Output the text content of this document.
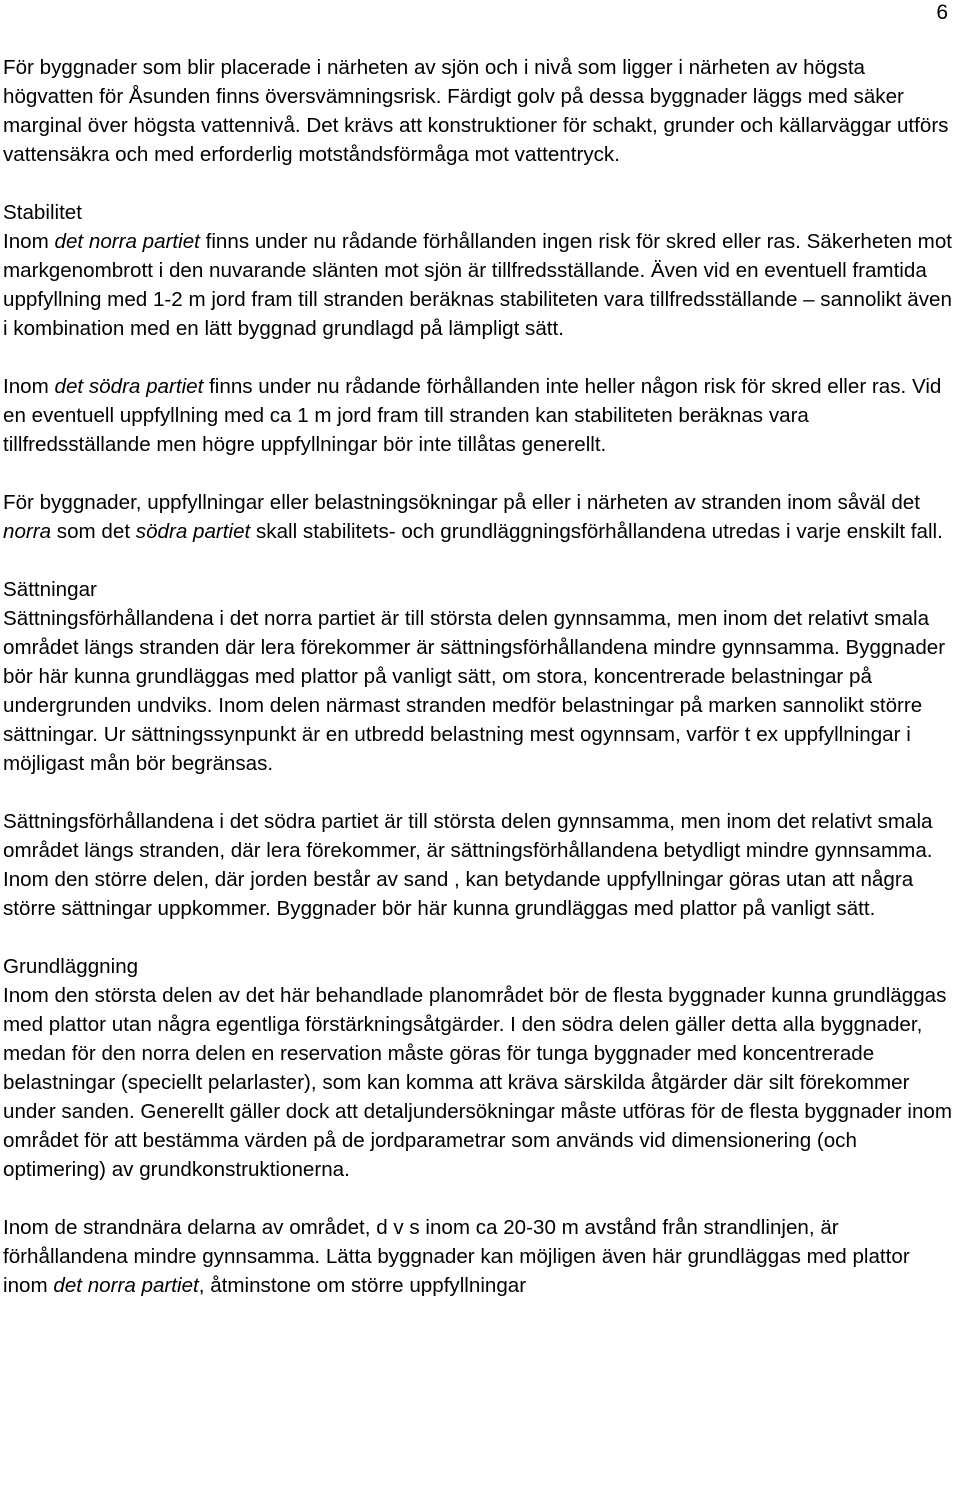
6

För byggnader som blir placerade i närheten av sjön och i nivå som ligger i närheten av högsta högvatten för Åsunden finns översvämningsrisk. Färdigt golv på dessa byggnader läggs med säker marginal över högsta vattennivå. Det krävs att konstruktioner för schakt, grunder och källarväggar utförs vattensäkra och med erforderlig motståndsförmåga mot vattentryck.

Stabilitet
Inom det norra partiet finns under nu rådande förhållanden ingen risk för skred eller ras. Säkerheten mot markgenombrott i den nuvarande slänten mot sjön är tillfredsställande. Även vid en eventuell framtida uppfyllning med 1-2 m jord fram till stranden beräknas stabiliteten vara tillfredsställande – sannolikt även i kombination med en lätt byggnad grundlagd på lämpligt sätt.

Inom det södra partiet finns under nu rådande förhållanden inte heller någon risk för skred eller ras. Vid en eventuell uppfyllning med ca 1 m jord fram till stranden kan stabiliteten beräknas vara tillfredsställande men högre uppfyllningar bör inte tillåtas generellt.

För byggnader, uppfyllningar eller belastningsökningar på eller i närheten av stranden inom såväl det norra som det södra partiet skall stabilitets- och grundläggningsförhållandena utredas i varje enskilt fall.

Sättningar
Sättningsförhållandena i det norra partiet är till största delen gynnsamma, men inom det relativt smala området längs stranden där lera förekommer är sättningsförhållandena mindre gynnsamma. Byggnader bör här kunna grundläggas med plattor på vanligt sätt, om stora, koncentrerade belastningar på undergrunden undviks. Inom delen närmast stranden medför belastningar på marken sannolikt större sättningar. Ur sättningssynpunkt är en utbredd belastning mest ogynnsam, varför t ex uppfyllningar i möjligast mån bör begränsas.

Sättningsförhållandena i det södra partiet är till största delen gynnsamma, men inom det relativt smala området längs stranden, där lera förekommer, är sättningsförhållandena betydligt mindre gynnsamma. Inom den större delen, där jorden består av sand , kan betydande uppfyllningar göras utan att några större sättningar uppkommer. Byggnader bör här kunna grundläggas med plattor på vanligt sätt.

Grundläggning
Inom den största delen av det här behandlade planområdet bör de flesta byggnader kunna grundläggas med plattor utan några egentliga förstärkningsåtgärder. I den södra delen gäller detta alla byggnader, medan för den norra delen en reservation måste göras för tunga byggnader med koncentrerade belastningar (speciellt pelarlaster), som kan komma att kräva särskilda åtgärder där silt förekommer under sanden. Generellt gäller dock att detaljundersökningar måste utföras för de flesta byggnader inom området för att bestämma värden på de jordparametrar som används vid dimensionering (och optimering) av grundkonstruktionerna.

Inom de strandnära delarna av området, d v s inom ca 20-30 m avstånd från strandlinjen, är förhållandena mindre gynnsamma. Lätta byggnader kan möjligen även här grundläggas med plattor inom det norra partiet, åtminstone om större uppfyllningar
